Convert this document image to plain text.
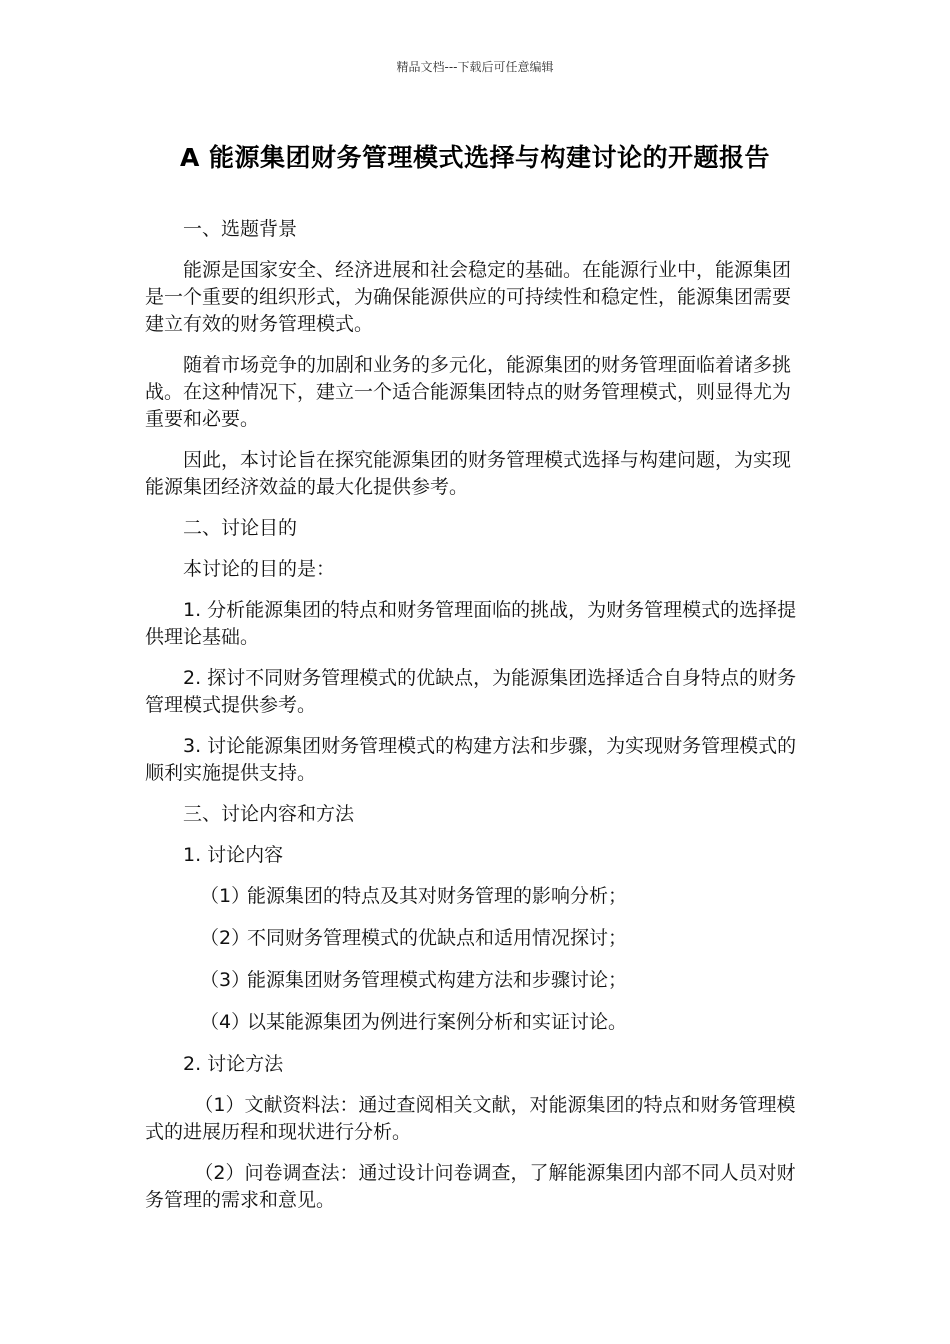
精品文档---下载后可任意编辑
A 能源集团财务管理模式选择与构建讨论的开题报告

一、选题背景

能源是国家安全、经济进展和社会稳定的基础。在能源行业中，能源集团是一个重要的组织形式，为确保能源供应的可持续性和稳定性，能源集团需要建立有效的财务管理模式。

随着市场竞争的加剧和业务的多元化，能源集团的财务管理面临着诸多挑战。在这种情况下，建立一个适合能源集团特点的财务管理模式，则显得尤为重要和必要。

因此，本讨论旨在探究能源集团的财务管理模式选择与构建问题，为实现能源集团经济效益的最大化提供参考。

二、讨论目的

本讨论的目的是：

1. 分析能源集团的特点和财务管理面临的挑战，为财务管理模式的选择提供理论基础。

2. 探讨不同财务管理模式的优缺点，为能源集团选择适合自身特点的财务管理模式提供参考。

3. 讨论能源集团财务管理模式的构建方法和步骤，为实现财务管理模式的顺利实施提供支持。

三、讨论内容和方法

1. 讨论内容

（1）能源集团的特点及其对财务管理的影响分析；

（2）不同财务管理模式的优缺点和适用情况探讨；

（3）能源集团财务管理模式构建方法和步骤讨论；

（4）以某能源集团为例进行案例分析和实证讨论。

2. 讨论方法

（1）文献资料法：通过查阅相关文献，对能源集团的特点和财务管理模式的进展历程和现状进行分析。

（2）问卷调查法：通过设计问卷调查，了解能源集团内部不同人员对财务管理的需求和意见。
